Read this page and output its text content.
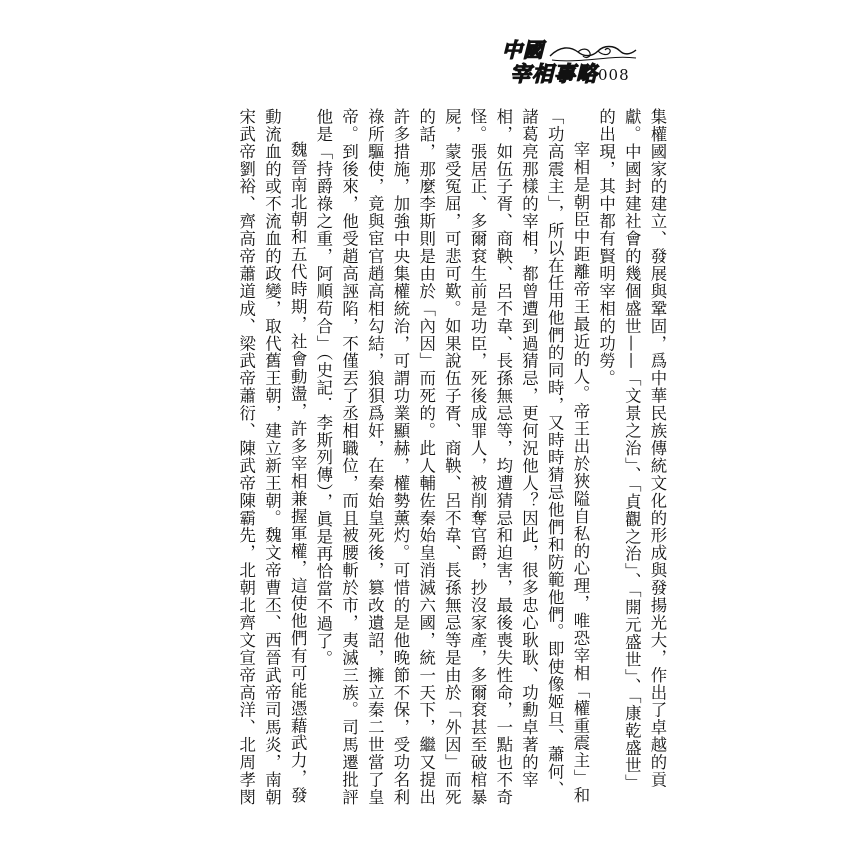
中國
宰相事略 008

集權國家的建立、發展與鞏固，爲中華民族傳統文化的形成與發揚光大，作出了卓越的貢獻。中國封建社會的幾個盛世——「文景之治」、「貞觀之治」、「開元盛世」、「康乾盛世」的出現，其中都有賢明宰相的功勞。

宰相是朝臣中距離帝王最近的人。帝王出於狹隘自私的心理，唯恐宰相「權重震主」和「功高震主」，所以在任用他們的同時，又時時猜忌他們和防範他們。即使像姬旦、蕭何、諸葛亮那樣的宰相，都曾遭到過猜忌，更何況他人？因此，很多忠心耿耿、功勳卓著的宰相，如伍子胥、商鞅、呂不韋、長孫無忌等，均遭猜忌和迫害，最後喪失性命，一點也不奇怪。張居正、多爾袞生前是功臣，死後成罪人，被削奪官爵，抄沒家產，多爾袞甚至破棺暴屍，蒙受冤屈，可悲可歎。如果說伍子胥、商鞅、呂不韋、長孫無忌等是由於「外因」而死的話，那麼李斯則是由於「內因」而死的。此人輔佐秦始皇消滅六國，統一天下，繼又提出許多措施，加強中央集權統治，可謂功業顯赫，權勢薰灼。可惜的是他晚節不保，受功名利祿所驅使，竟與宦官趙高相勾結，狼狽爲奸，在秦始皇死後，篡改遺詔，擁立秦二世當了皇帝。到後來，他受趙高誣陷，不僅丟了丞相職位，而且被腰斬於市，夷滅三族。司馬遷批評他是「持爵祿之重，阿順苟合」（史記．李斯列傳），眞是再恰當不過了。

魏晉南北朝和五代時期，社會動盪，許多宰相兼握軍權，這使他們有可能憑藉武力，發動流血的或不流血的政變，取代舊王朝，建立新王朝。魏文帝曹丕、西晉武帝司馬炎，南朝宋武帝劉裕、齊高帝蕭道成、梁武帝蕭衍、陳武帝陳霸先，北朝北齊文宣帝高洋、北周孝閔
